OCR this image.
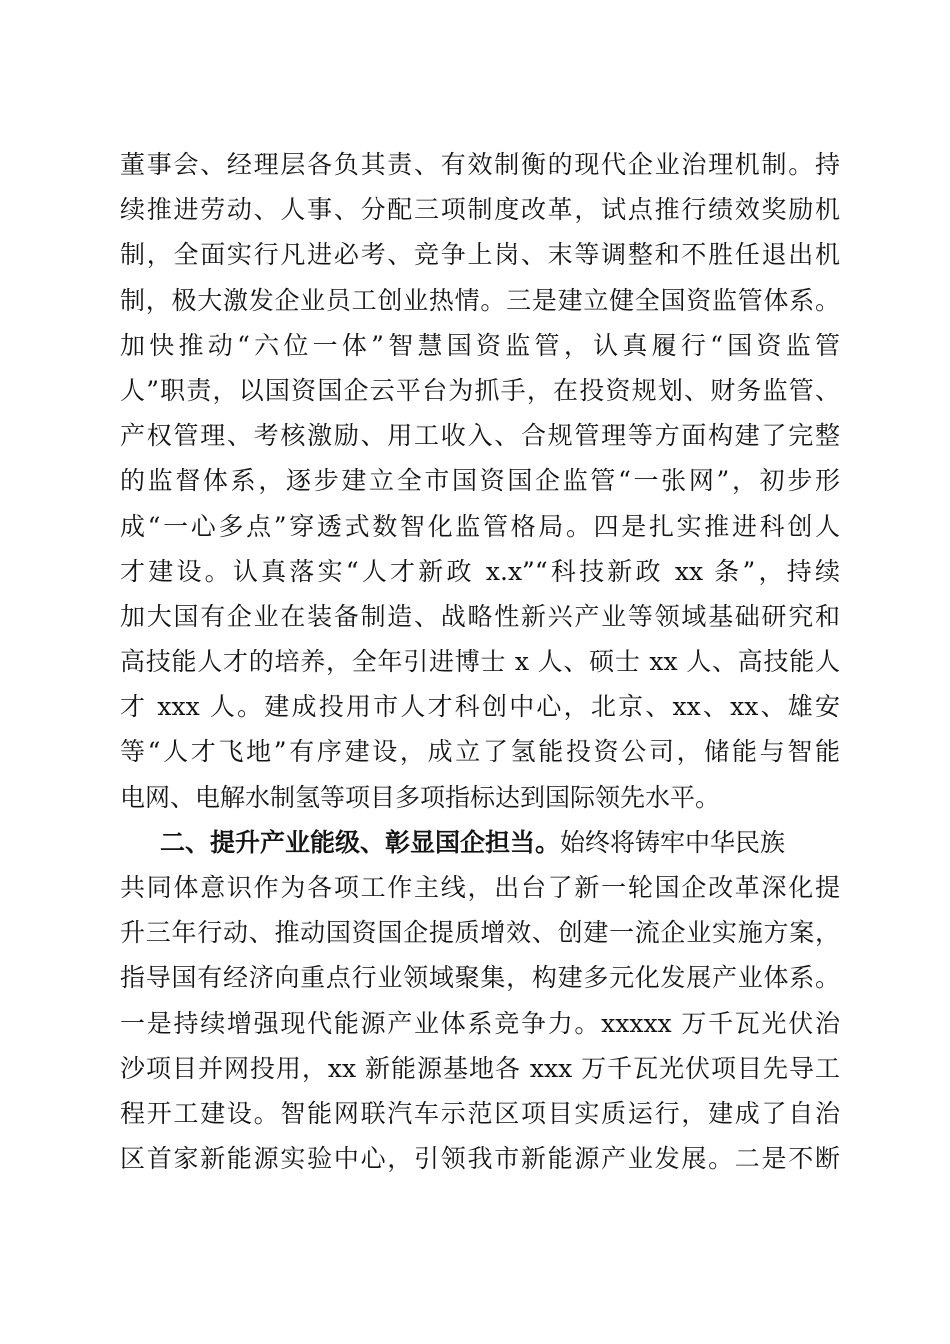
董事会、经理层各负其责、有效制衡的现代企业治理机制。持
续推进劳动、人事、分配三项制度改革，试点推行绩效奖励机
制，全面实行凡进必考、竞争上岗、末等调整和不胜任退出机
制，极大激发企业员工创业热情。三是建立健全国资监管体系。
加快推动“六位一体”智慧国资监管，认真履行“国资监管
人”职责，以国资国企云平台为抓手，在投资规划、财务监管、
产权管理、考核激励、用工收入、合规管理等方面构建了完整
的监督体系，逐步建立全市国资国企监管“一张网”，初步形
成“一心多点”穿透式数智化监管格局。四是扎实推进科创人
才建设。认真落实“人才新政 x.x”“科技新政 xx 条”，持续
加大国有企业在装备制造、战略性新兴产业等领域基础研究和
高技能人才的培养，全年引进博士 x 人、硕士 xx 人、高技能人
才 xxx 人。建成投用市人才科创中心，北京、xx、xx、雄安
等“人才飞地”有序建设，成立了氢能投资公司，储能与智能
电网、电解水制氢等项目多项指标达到国际领先水平。
二、提升产业能级、彰显国企担当。始终将铸牢中华民族
共同体意识作为各项工作主线，出台了新一轮国企改革深化提
升三年行动、推动国资国企提质增效、创建一流企业实施方案，
指导国有经济向重点行业领域聚集，构建多元化发展产业体系。
一是持续增强现代能源产业体系竞争力。xxxxx 万千瓦光伏治
沙项目并网投用，xx 新能源基地各 xxx 万千瓦光伏项目先导工
程开工建设。智能网联汽车示范区项目实质运行，建成了自治
区首家新能源实验中心，引领我市新能源产业发展。二是不断
